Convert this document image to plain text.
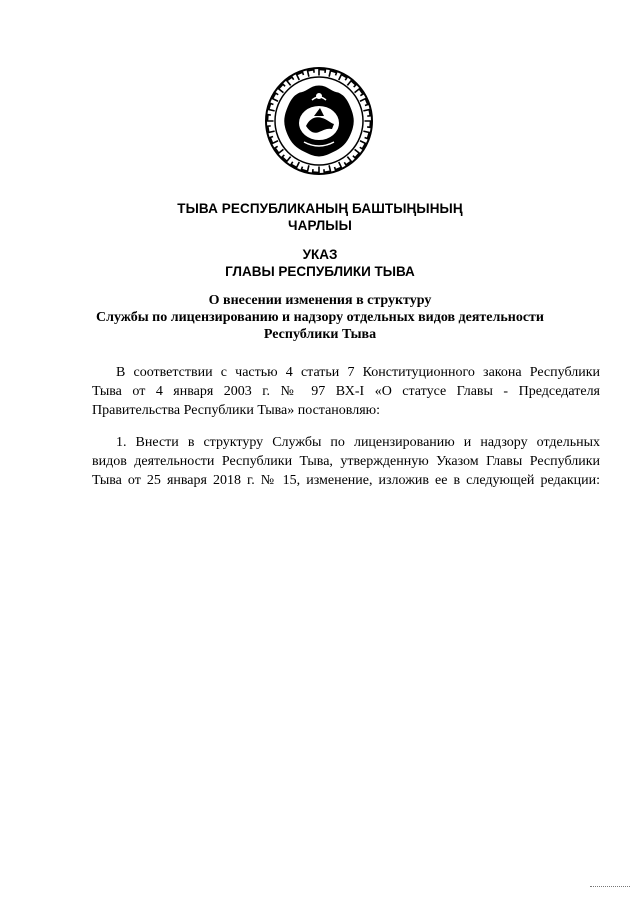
ТЫВА РЕСПУБЛИКАНЫҢ БАШТЫҢЫНЫҢ
ЧАРЛЫЫ
УКАЗ
ГЛАВЫ РЕСПУБЛИКИ ТЫВА
О внесении изменения в структуру
Службы по лицензированию и надзору отдельных видов деятельности
Республики Тыва
В соответствии с частью 4 статьи 7 Конституционного закона Республики
Тыва от 4 января 2003 г. № 97 ВХ-I «О статусе Главы - Председателя
Правительства Республики Тыва» постановляю:
1. Внести в структуру Службы по лицензированию и надзору отдельных
видов деятельности Республики Тыва, утвержденную Указом Главы Республики
Тыва от 25 января 2018 г. № 15, изменение, изложив ее в следующей редакции:
